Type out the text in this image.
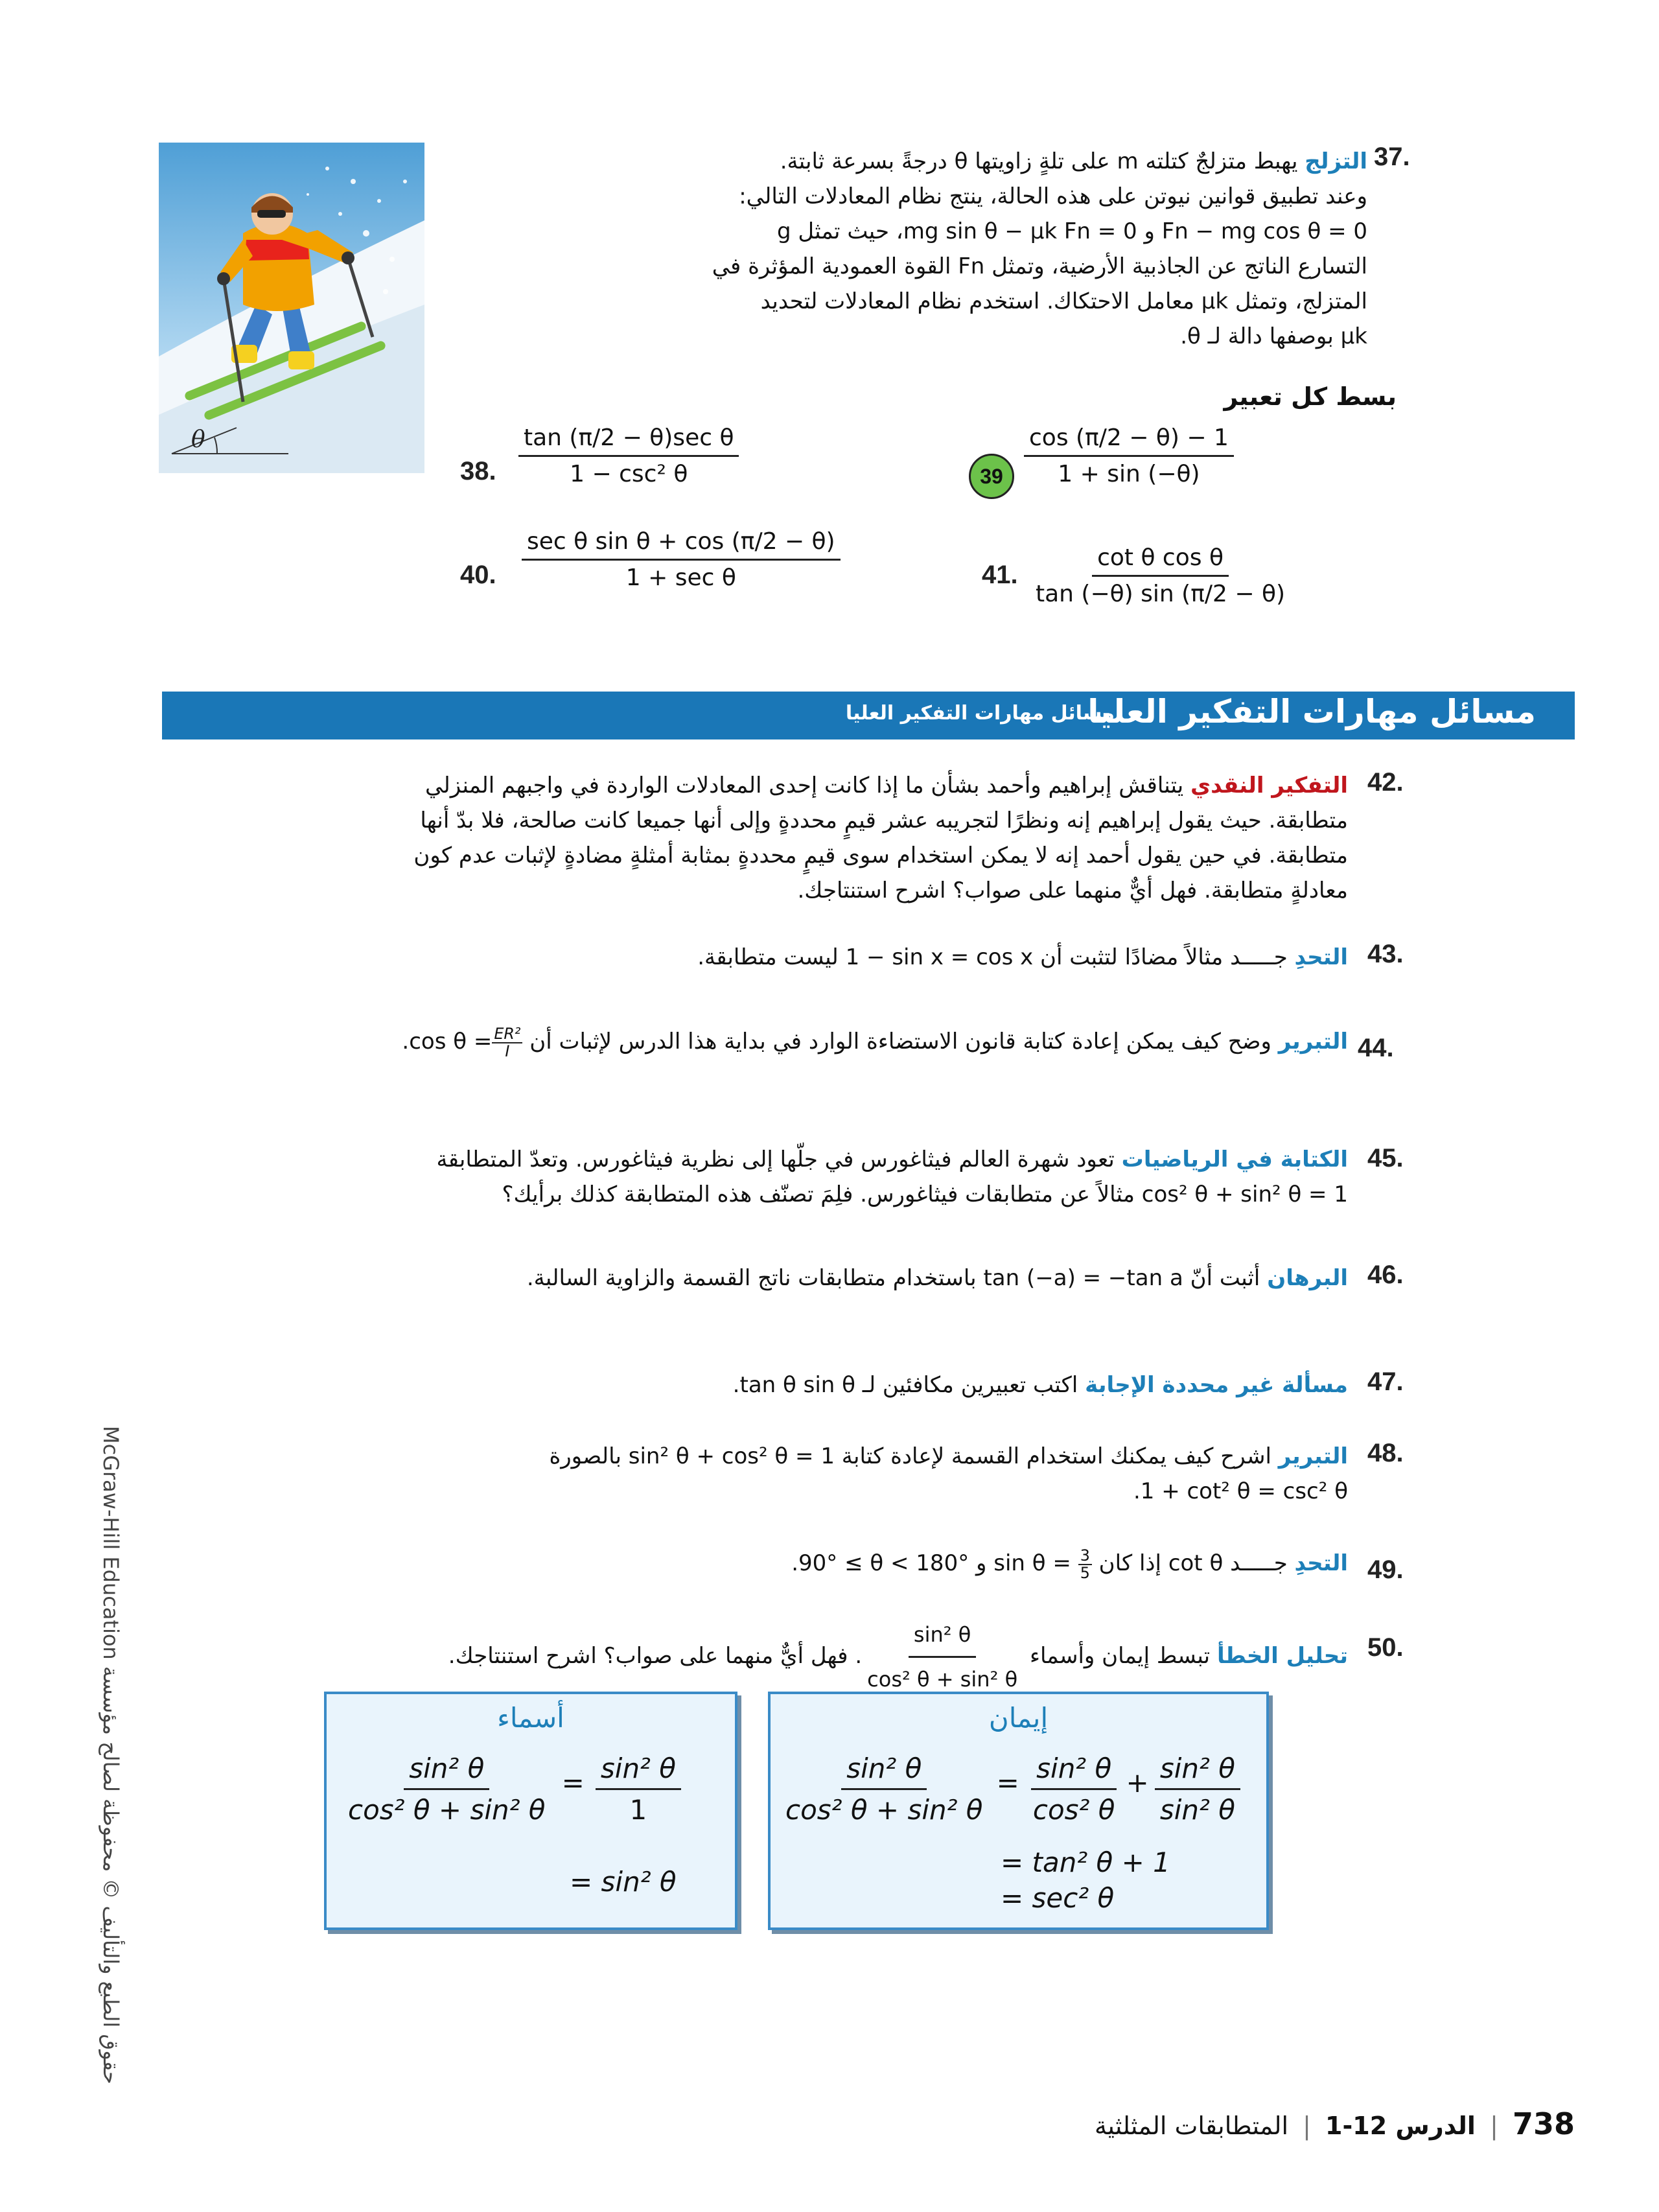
McGraw-Hill Education حقوق الطبع والتأليف © محفوظة لصالح مؤسسة
θ
37.
التزلج يهبط متزلجٌ كتلته m على تلةٍ زاويتها θ درجةً بسرعة ثابتة.
وعند تطبيق قوانين نيوتن على هذه الحالة، ينتج نظام المعادلات التالي:
Fn − mg cos θ = 0 و mg sin θ − μk Fn = 0، حيث تمثل g
التسارع الناتج عن الجاذبية الأرضية، وتمثل Fn القوة العمودية المؤثرة في
المتزلج، وتمثل μk معامل الاحتكاك. استخدم نظام المعادلات لتحديد
μk بوصفها دالة لـ θ.
بسط كل تعبير
38. $\frac{\text{tan (π/2 − θ)sec θ}}{\text{1 − csc² θ}}$	$39 \frac{\cos (\pi/2 - \theta) - 1}{1 + \sin (-\theta)}$
40. $\frac{\text{sec θ sin θ + cos (π/2 − θ)}}{\text{1 + sec θ}}$	41. $\frac{\text{cot θ cos θ}}{\tan (-\theta) \sin (\pi/2 - \theta)}$
مسائل مهارات التفكير العليا
مسائل مهارات التفكير العليا
42.
التفكير النقدي يتناقش إبراهيم وأحمد بشأن ما إذا كانت إحدى المعادلات الواردة في واجبهم المنزلي
متطابقة. حيث يقول إبراهيم إنه ونظرًا لتجريبه عشر قيمٍ محددةٍ وإلى أنها جميعا كانت صالحة، فلا بدّ أنها
متطابقة. في حين يقول أحمد إنه لا يمكن استخدام سوى قيمٍ محددةٍ بمثابة أمثلةٍ مضادةٍ لإثبات عدم كون
معادلةٍ متطابقة. فهل أيٌّ منهما على صواب؟ اشرح استنتاجك.
43.
التحدِ جـــــد مثالاً مضادًا لتثبت أن 1 − sin x = cos x ليست متطابقة.
44.
التبرير وضح كيف يمكن إعادة كتابة قانون الاستضاءة الوارد في بداية هذا الدرس لإثبات أن $\cos \theta = \frac{\text{ER²}}{I}$
.
45.
الكتابة في الرياضيات تعود شهرة العالم فيثاغورس في جلّها إلى نظرية فيثاغورس. وتعدّ المتطابقة
cos² θ + sin² θ = 1 مثالاً عن متطابقات فيثاغورس. فلِمَ تصنّف هذه المتطابقة كذلك برأيك؟
46.
البرهان أثبت أنّ tan (−a) = −tan a باستخدام متطابقات ناتج القسمة والزاوية السالبة.
47.
مسألة غير محددة الإجابة اكتب تعبيرين مكافئين لـ tan θ sin θ.
48.
التبرير اشرح كيف يمكنك استخدام القسمة لإعادة كتابة sin² θ + cos² θ = 1 بالصورة
1 + cot² θ = csc² θ.
49.
التحدِ جـــــد cot θ إذا كان $\sin \theta = \frac{3}{5}$
و 90° ≤ θ < 180°.
50.
تحليل الخطأ تبسط إيمان وأسماء
$\frac{\text{sin² θ}}{\text{cos² θ + sin² θ}}$
. فهل أيٌّ منهما على صواب؟ اشرح استنتاجك.
أسماء
$\frac{\text{sin² θ}}{\text{cos² θ + sin² θ}} = \frac{\text{sin² θ}}{1}$
= sin² θ
إيمان
$\frac{\text{sin² θ}}{\text{cos² θ + sin² θ}} = \frac{\text{sin² θ}}{\text{cos² θ}} + \frac{\text{sin² θ}}{\text{sin² θ}}$
= tan² θ + 1
= sec² θ
738 | الدرس 12-1 | المتطابقات المثلثية
